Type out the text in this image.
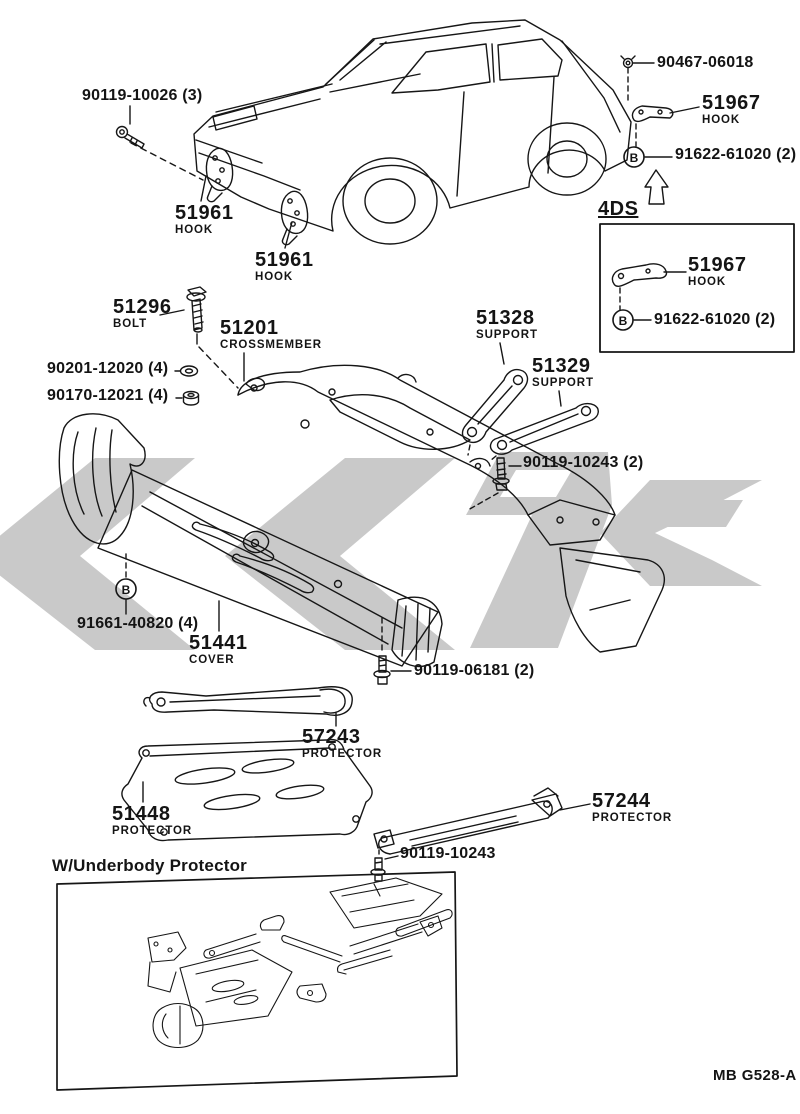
B
B
B
90119-10026 (3)
51961
HOOK
51961
HOOK
90467-06018
51967
HOOK
91622-61020 (2)
4DS
51967
HOOK
91622-61020 (2)
51296
BOLT	51201
CROSSMEMBER
90201-12020 (4)
90170-12021 (4)
51328
SUPPORT
51329
SUPPORT
90119-10243 (2)
91661-40820 (4)
51441
COVER
90119-06181 (2)
57243
PROTECTOR
51448
PROTECTOR
57244
PROTECTOR
90119-10243
W/Underbody Protector
MB G528-A
